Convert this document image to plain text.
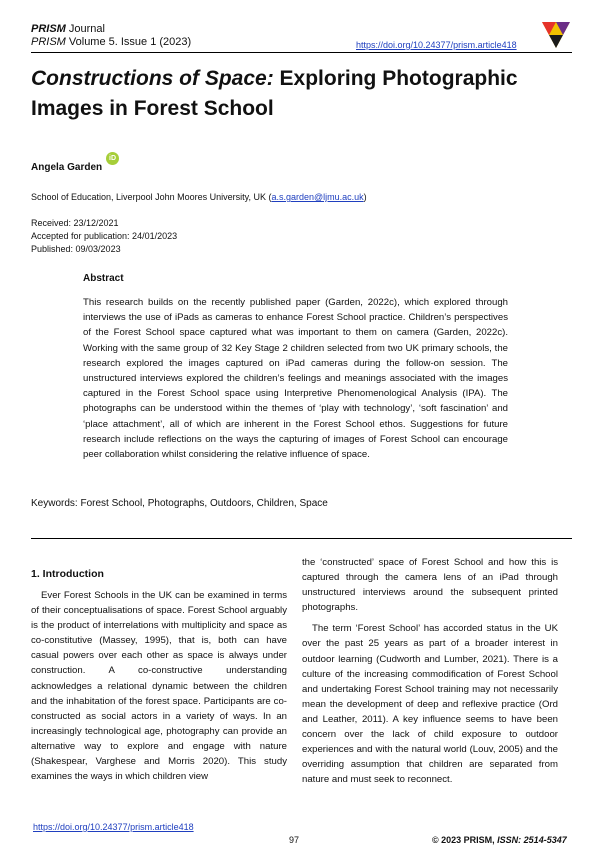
PRISM Journal
PRISM Volume 5. Issue 1 (2023)	https://doi.org/10.24377/prism.article418
Constructions of Space: Exploring Photographic Images in Forest School
Angela Garden
iD
School of Education, Liverpool John Moores University, UK (a.s.garden@ljmu.ac.uk)
Received: 23/12/2021
Accepted for publication: 24/01/2023
Published: 09/03/2023
Abstract
This research builds on the recently published paper (Garden, 2022c), which explored through interviews the use of iPads as cameras to enhance Forest School practice. Children’s perspectives of the Forest School space captured what was important to them on camera (Garden, 2022c). Working with the same group of 32 Key Stage 2 children selected from two UK primary schools, the research explored the images captured on iPad cameras during the follow-on session. The unstructured interviews explored the children’s feelings and meanings associated with the images captured in the Forest School space using Interpretive Phenomenological Analysis (IPA). The photographs can be understood within the themes of ‘play with technology’, ‘soft fascination’ and ‘place attachment’, all of which are inherent in the Forest School ethos. Suggestions for future research include reflections on the ways the capturing of images of Forest School can encourage peer collaboration whilst considering the relative influence of space.
Keywords: Forest School, Photographs, Outdoors, Children, Space
1. Introduction

Ever Forest Schools in the UK can be examined in terms of their conceptualisations of space. Forest School arguably is the product of interrelations with multiplicity and space as co-constitutive (Massey, 1995), that is, both can have casual powers over each other as space is always under construction. A co-constructive understanding acknowledges a relational dynamic between the children and the inhabitation of the forest space. Participants are co-constructed as social actors in a variety of ways. In an increasingly technological age, photography can provide an alternative way to explore and engage with nature (Shakespear, Varghese and Morris 2020). This study examines the ways in which children view

the ‘constructed’ space of Forest School and how this is captured through the camera lens of an iPad through unstructured interviews around the subsequent printed photographs.

The term ‘Forest School’ has accorded status in the UK over the past 25 years as part of a broader interest in outdoor learning (Cudworth and Lumber, 2021). There is a culture of the increasing commodification of Forest School and undertaking Forest School training may not necessarily mean the development of deep and reflexive practice (Ord and Leather, 2011). A key influence seems to have been concern over the lack of child exposure to outdoor experiences and with the natural world (Louv, 2005) and the overriding assumption that children are separated from nature and must seek to reconnect.

https://doi.org/10.24377/prism.article418
97	© 2023 PRISM, ISSN: 2514-5347
